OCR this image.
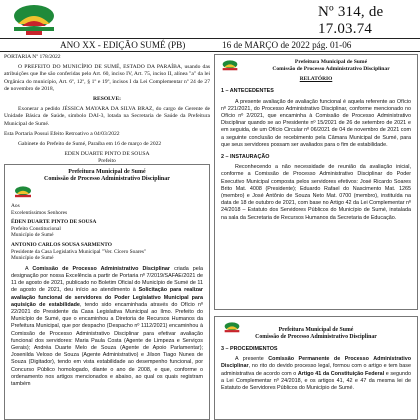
Nº 314, de 17.03.74
ANO XX - EDIÇÃO SUMÉ (PB)	16 de MARÇO de 2022 pág. 01-06
PORTARIA Nº 178/2022

O PREFEITO DO MUNICÍPIO DE SUMÉ, ESTADO DA PARAÍBA, usando das atribuições que lhe são conferidas pelo Art. 60, inciso IV, Art. 75, inciso II, alínea "a" da lei Orgânica do município, Art. 6º, 12º, § 1º e 19º, incisos I da Lei Complementar nº 24 de 27 de novembro de 2018,

RESOLVE:

Exonerar a pedido JÉSSICA MAYARA DA SILVA BRAZ, do cargo de Gerente de Unidade Básica de Saúde, símbolo DAI-3, lotada na Secretaria de Saúde da Prefeitura Municipal de Sumé.

Esta Portaria Possui Efeito Retroativo a 04/03/2022

Gabinete do Prefeito de Sumé, Paraíba em 16 de março de 2022

EDEN DUARTE PINTO DE SOUSA
Prefeito
Prefeitura Municipal de Sumé
Comissão de Processo Administrativo Disciplinar
Aos
Excelentíssimos Senhores
ÉDEN DUARTE PINTO DE SOUSA
Prefeito Constitucional
Município de Sumé
ANTONIO CARLOS SOUSA SARMENTO
Presidente da Casa Legislativa Municipal "Ver. Cícero Soares"
Município de Sumé
A Comissão de Processo Administrativo Disciplinar criada pela designação por nossa Excelência a partir de Portaria nº 7/2019/SAFAE/2021 de 11 de agosto de 2021, publicado no Boletim Oficial do Município de Sumé de 11 de agosto de 2021, deu início ao atendimento à Solicitação para realizar avaliação funcional de servidores do Poder Legislativo Municipal para aquisição de estabilidade, tendo sido encaminhada através do Ofício nº 22/2021 do Presidente da Casa Legislativa Municipal ao Ilmo. Prefeito do Município de Sumé, que o encaminhou a Diretoria de Recursos Humanos da Prefeitura Municipal, que por despacho (Despacho nº 1112/2021) encaminhou à Comissão de Processo Administrativo Disciplinar para efetivar avaliação funcional dos servidores: Maria Paula Costa (Agente de Limpeza e Serviços Gerais); Andréa Duarte Melo de Souza (Agente de Apoio Parlamentar); Josenilda Veloso de Souza (Agente Administrativo) e Jilson Tiago Nunes de Souza (Digitador), tendo em vista estabilidade ao desempenho funcional, por Concurso Público homologado, diante o ano de 2008, e que, conforme o ordenamento nos artigos mencionados e abaixo, ao qual os quais registram também
Prefeitura Municipal de Sumé
Comissão de Processo Administrativo Disciplinar
RELATÓRIO
1 – ANTECEDENTES

A presente avaliação de avaliação funcional é aquela referente ao Ofício nº 221/2021, do Processo Administrativo Disciplinar, conforme mencionado no Ofício nº 2/2021, que encaminha à Comissão de Processo Administrativo Disciplinar quando se ao Presidente nº 15/2021 de 26 de setembro de 2021 e em seguida, de um Ofício Circular nº 06/2021 de 04 de novembro de 2021 com a seguinte conclusão de recebimento pela Câmara Municipal de Sumé, para que seus servidores possam ser avaliados para o fim de estabilidade.

2 – INSTAURAÇÃO

Reconhecendo a não necessidade de reunião da avaliação inicial, conforme a Comissão de Processo Administrativo Disciplinar do Poder Executivo Municipal composta pelos servidores efetivos: José Ricardo Soares Brito Mat. 4008 (Presidente); Eduardo Rafael do Nascimento Mat. 1265 (membro) e José Antônio de Souza Neto Mat. 0700 (membro), instituída na data de 18 de outubro de 2021, com base no Artigo 42 da Lei Complementar nº 24/2018 – Estatuto dos Servidores Públicos do Município de Sumé, instalada na sala da Secretaria de Recursos Humanos da Secretaria de Educação.

Prefeitura Municipal de Sumé
Comissão de Processo Administrativo Disciplinar
3 – PROCEDIMENTOS

A presente Comissão Permanente de Processo Administrativo Disciplinar, no rito do devido processo legal, formou com o artigo e tem base administrativa de acordo com o Artigo 41 da Constituição Federal e segundo a Lei Complementar nº 24/2018, e os artigos 41, 42 e 47 da mesma lei de Estatuto de Servidores Públicos do Município de Sumé.
